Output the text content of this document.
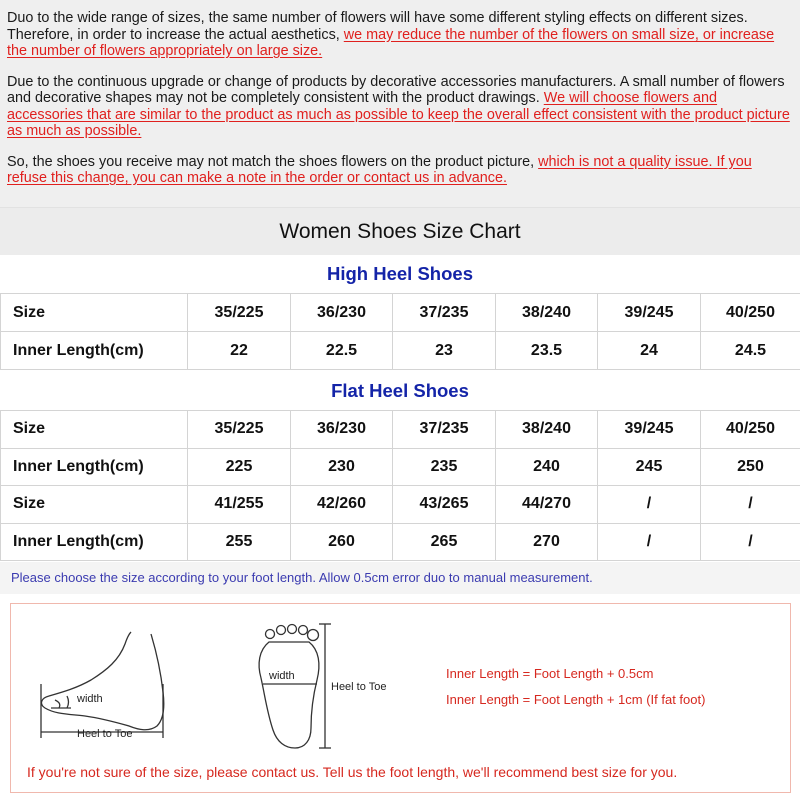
Duo to the wide range of sizes, the same number of flowers will have some different styling effects on different sizes. Therefore, in order to increase the actual aesthetics, we may reduce the number of the flowers on small size, or increase the number of flowers appropriately on large size.

Due to the continuous upgrade or change of products by decorative accessories manufacturers. A small number of flowers and decorative shapes may not be completely consistent with the product drawings. We will choose flowers and accessories that are similar to the product as much as possible to keep the overall effect consistent with the product picture as much as possible.

So, the shoes you receive may not match the shoes flowers on the product picture, which is not a quality issue. If you refuse this change, you can make a note in the order or contact us in advance.

Women Shoes Size Chart
High Heel Shoes
Size	35/225	36/230	37/235	38/240	39/245	40/250
Inner Length(cm)	22	22.5	23	23.5	24	24.5
Flat Heel Shoes
Size	35/225	36/230	37/235	38/240	39/245	40/250
Inner Length(cm)	225	230	235	240	245	250
Size	41/255	42/260	43/265	44/270	/	/
Inner Length(cm)	255	260	265	270	/	/
Please choose the size according to your foot length. Allow 0.5cm error duo to manual measurement.
width
Heel to Toe
width
Heel to Toe
Inner Length = Foot Length + 0.5cm
Inner Length = Foot Length + 1cm (If fat foot)
If you're not sure of the size, please contact us. Tell us the foot length, we'll recommend best size for you.
